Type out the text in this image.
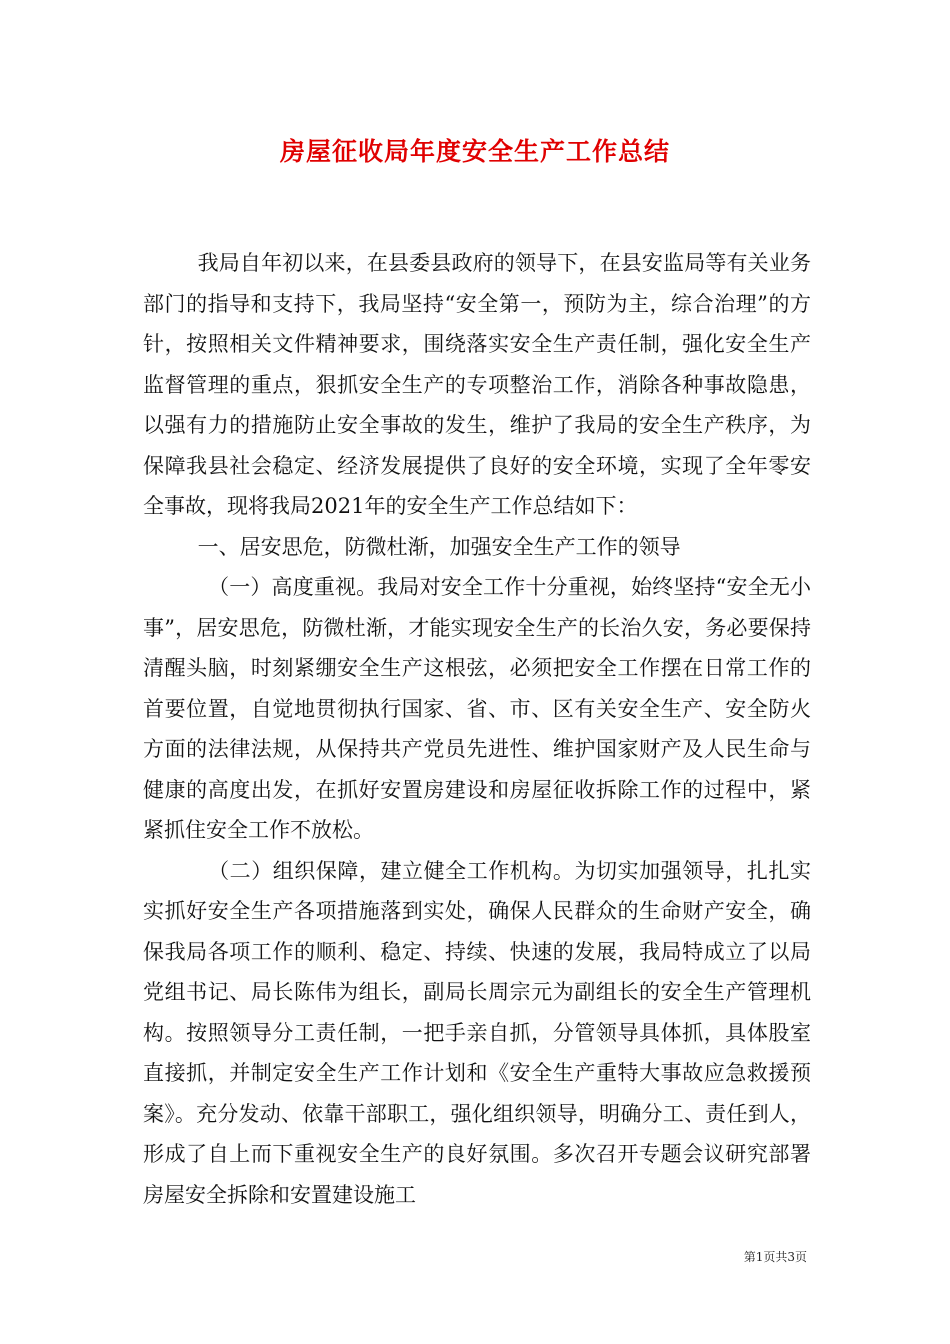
房屋征收局年度安全生产工作总结

我局自年初以来，在县委县政府的领导下，在县安监局等有关业务部门的指导和支持下，我局坚持“安全第一，预防为主，综合治理”的方针，按照相关文件精神要求，围绕落实安全生产责任制，强化安全生产监督管理的重点，狠抓安全生产的专项整治工作，消除各种事故隐患，以强有力的措施防止安全事故的发生，维护了我局的安全生产秩序，为保障我县社会稳定、经济发展提供了良好的安全环境，实现了全年零安全事故，现将我局2021年的安全生产工作总结如下：

一、居安思危，防微杜渐，加强安全生产工作的领导

（一）高度重视。我局对安全工作十分重视，始终坚持“安全无小事”，居安思危，防微杜渐，才能实现安全生产的长治久安，务必要保持清醒头脑，时刻紧绷安全生产这根弦，必须把安全工作摆在日常工作的首要位置，自觉地贯彻执行国家、省、市、区有关安全生产、安全防火方面的法律法规，从保持共产党员先进性、维护国家财产及人民生命与健康的高度出发，在抓好安置房建设和房屋征收拆除工作的过程中，紧紧抓住安全工作不放松。

（二）组织保障，建立健全工作机构。为切实加强领导，扎扎实实抓好安全生产各项措施落到实处，确保人民群众的生命财产安全，确保我局各项工作的顺利、稳定、持续、快速的发展，我局特成立了以局党组书记、局长陈伟为组长，副局长周宗元为副组长的安全生产管理机构。按照领导分工责任制，一把手亲自抓，分管领导具体抓，具体股室直接抓，并制定安全生产工作计划和《安全生产重特大事故应急救援预案》。充分发动、依靠干部职工，强化组织领导，明确分工、责任到人，形成了自上而下重视安全生产的良好氛围。多次召开专题会议研究部署房屋安全拆除和安置建设施工

第1页共3页
